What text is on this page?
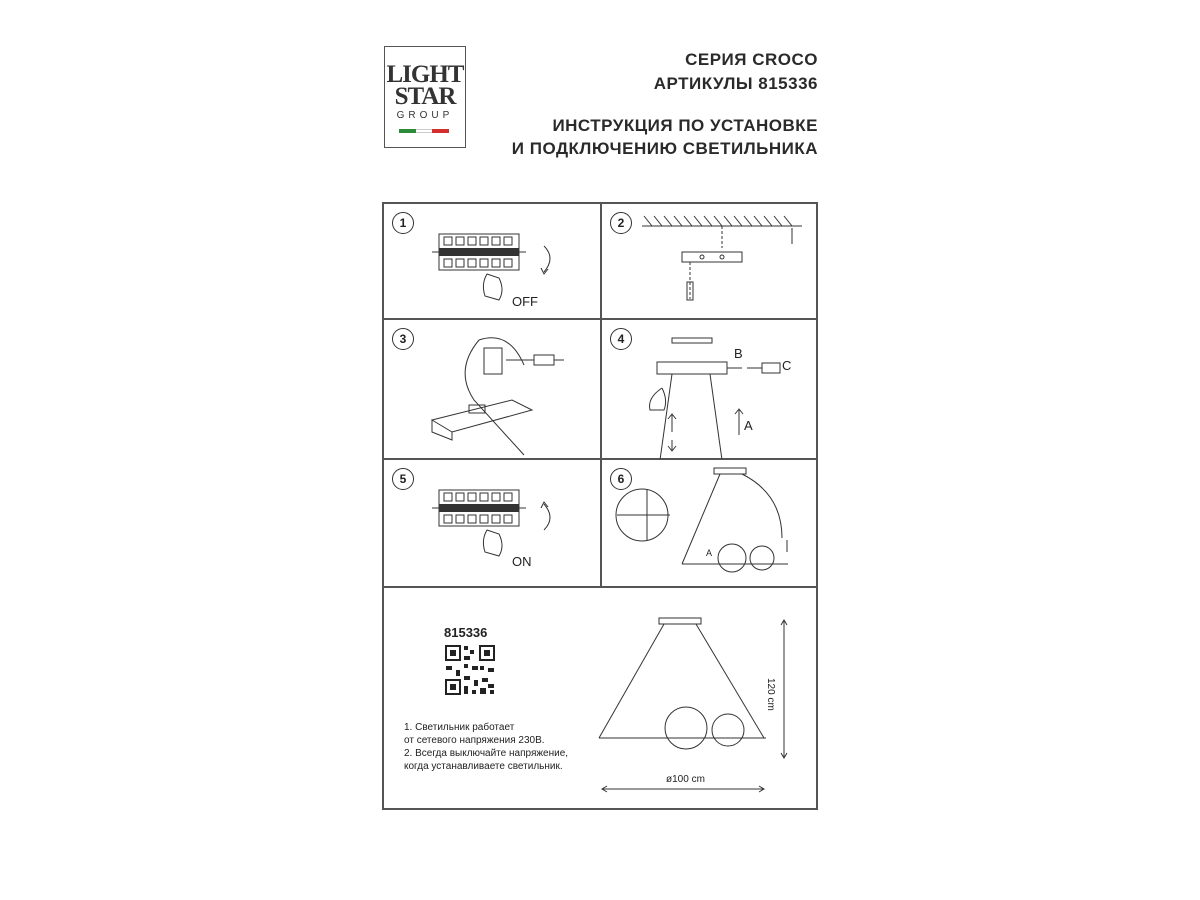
LIGHT
STAR
GROUP
СЕРИЯ CROCO
АРТИКУЛЫ 815336
ИНСТРУКЦИЯ ПО УСТАНОВКЕ
И ПОДКЛЮЧЕНИЮ СВЕТИЛЬНИКА
1
OFF
2
3	4
B
C
A
5
ON
6
A
815336
1. Светильник работает
от сетевого напряжения 230В.
2. Всегда выключайте напряжение,
когда устанавливаете светильник.
120 cm
ø100 cm
